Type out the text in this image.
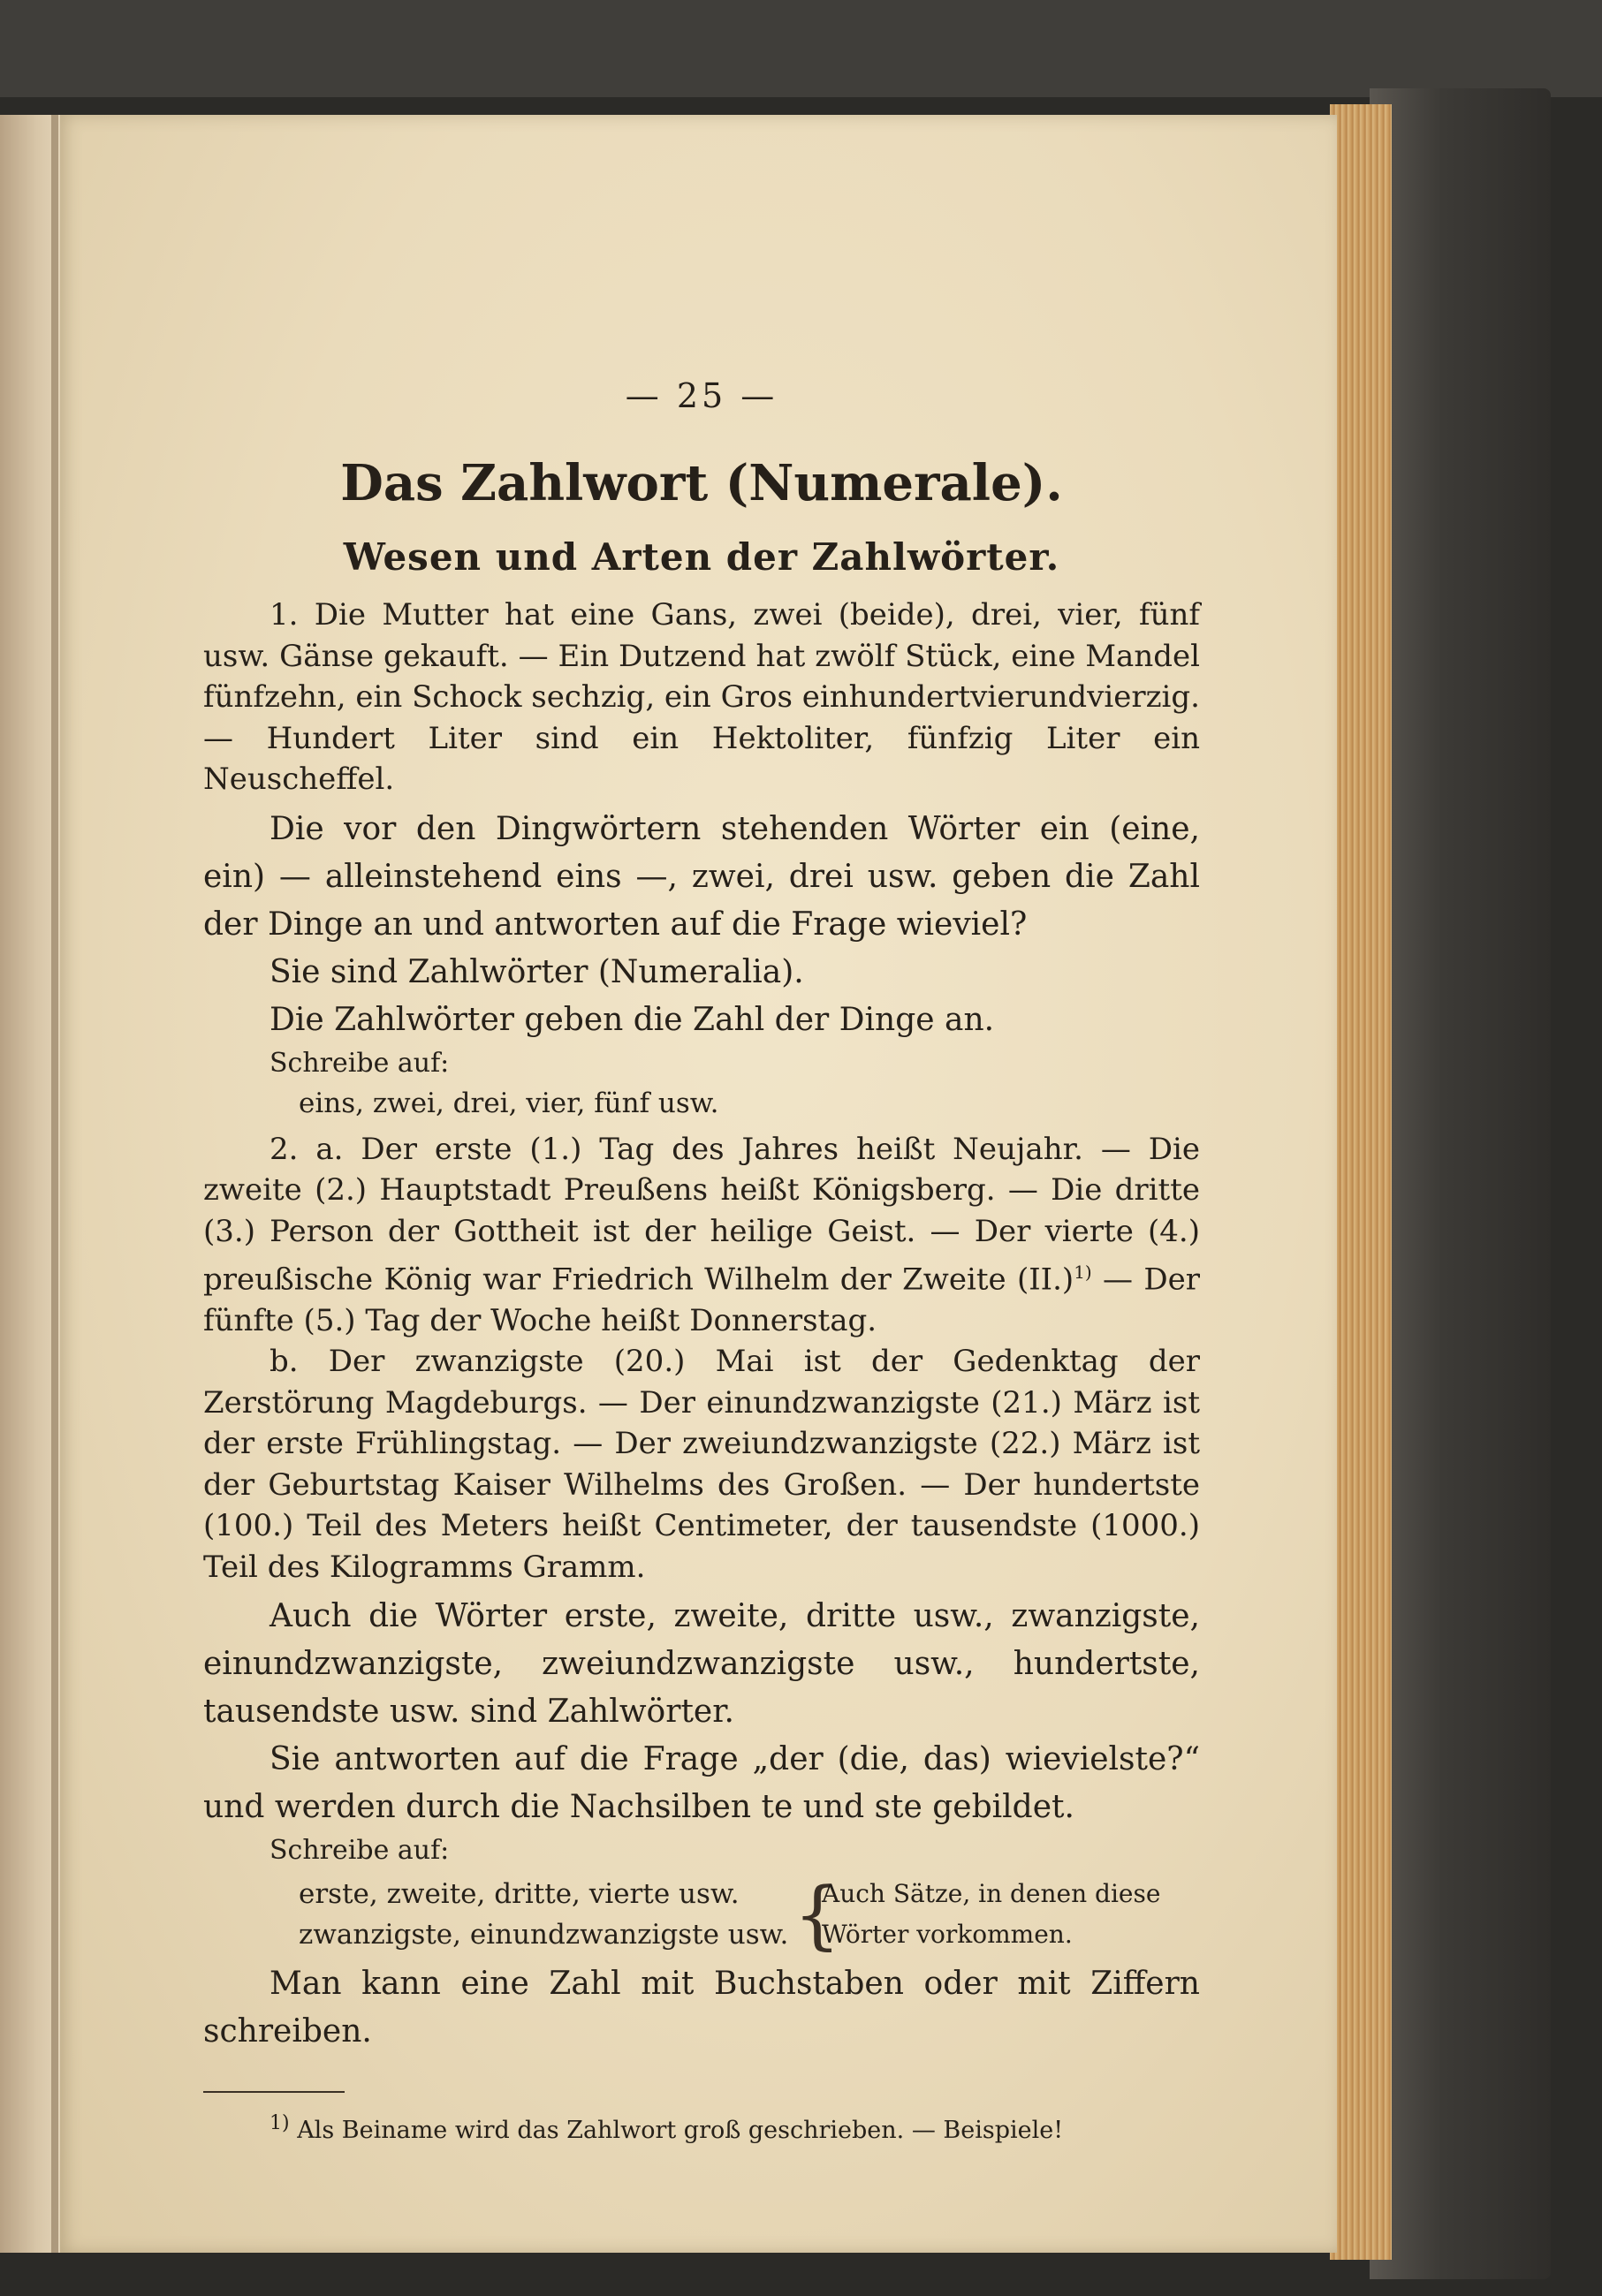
— 25 —
Das Zahlwort (Numerale).
Wesen und Arten der Zahlwörter.

1. Die Mutter hat eine Gans, zwei (beide), drei, vier, fünf usw. Gänse gekauft. — Ein Dutzend hat zwölf Stück, eine Mandel fünfzehn, ein Schock sechzig, ein Gros einhundertvierundvierzig. — Hundert Liter sind ein Hektoliter, fünfzig Liter ein Neuscheffel.

Die vor den Dingwörtern stehenden Wörter ein (eine, ein) — alleinstehend eins —, zwei, drei usw. geben die Zahl der Dinge an und antworten auf die Frage wieviel?

Sie sind Zahlwörter (Numeralia).

Die Zahlwörter geben die Zahl der Dinge an.

Schreibe auf:
eins, zwei, drei, vier, fünf usw.

2. a. Der erste (1.) Tag des Jahres heißt Neujahr. — Die zweite (2.) Hauptstadt Preußens heißt Königsberg. — Die dritte (3.) Person der Gottheit ist der heilige Geist. — Der vierte (4.) preußische König war Friedrich Wilhelm der Zweite $(II.)^{1)}$ — Der fünfte (5.) Tag der Woche heißt Donnerstag.

b. Der zwanzigste (20.) Mai ist der Gedenktag der Zerstörung Magdeburgs. — Der einundzwanzigste (21.) März ist der erste Frühlingstag. — Der zweiundzwanzigste (22.) März ist der Geburtstag Kaiser Wilhelms des Großen. — Der hundertste (100.) Teil des Meters heißt Centimeter, der tausendste (1000.) Teil des Kilogramms Gramm.

Auch die Wörter erste, zweite, dritte usw., zwanzigste, einundzwanzigste, zweiundzwanzigste usw., hundertste, tausendste usw. sind Zahlwörter.

Sie antworten auf die Frage „der (die, das) wievielste?“ und werden durch die Nachsilben te und ste gebildet.

Schreibe auf:
erste, zweite, dritte, vierte usw.
zwanzigste, einundzwanzigste usw. {
Auch Sätze, in denen diese
Wörter vorkommen.

Man kann eine Zahl mit Buchstaben oder mit Ziffern schreiben.

$^{1)}$ Als Beiname wird das Zahlwort groß geschrieben. — Beispiele!
